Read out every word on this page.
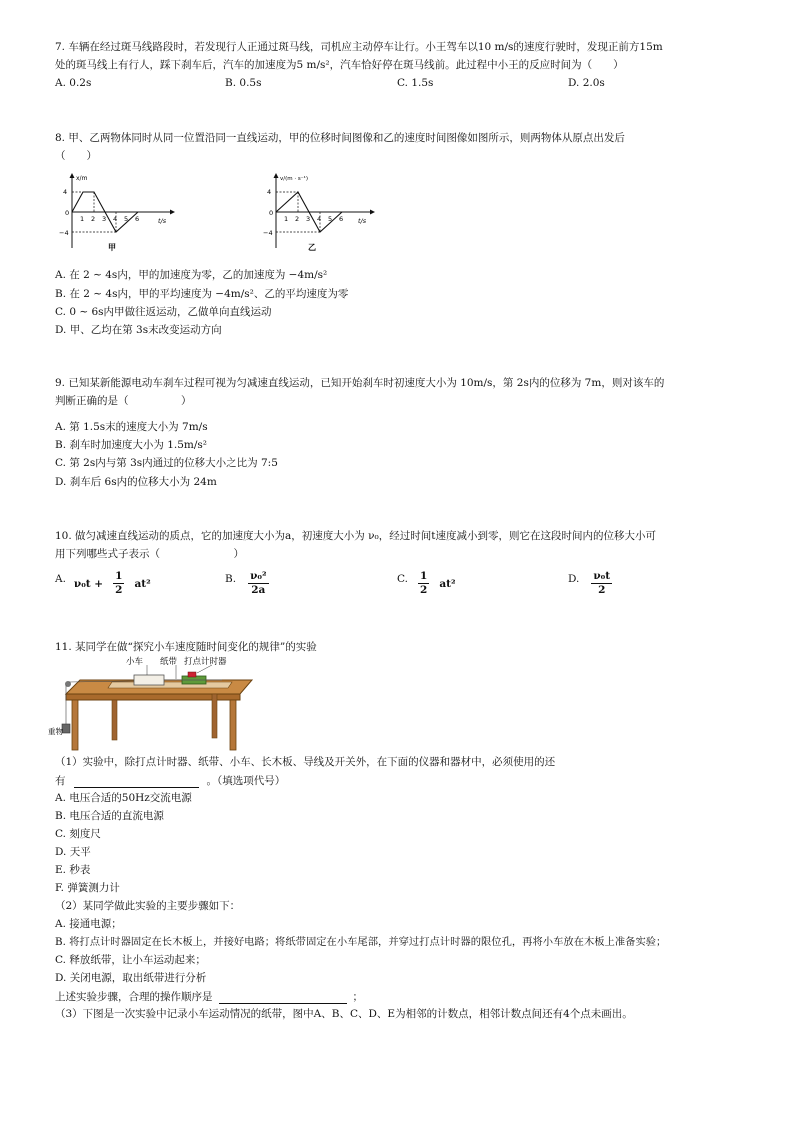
7. 车辆在经过斑马线路段时，若发现行人正通过斑马线，司机应主动停车让行。小王驾车以10 m/s的速度行驶时，发现正前方15m
处的斑马线上有行人，踩下刹车后，汽车的加速度为5 m/s²，汽车恰好停在斑马线前。此过程中小王的反应时间为（　　）
A. 0.2s	B. 0.5s	C. 1.5s	D. 2.0s
8. 甲、乙两物体同时从同一位置沿同一直线运动，甲的位移时间图像和乙的速度时间图像如图所示，则两物体从原点出发后
（　　）
x/m
t/s
4
0
−4
1 2 3 4 5 6
甲
v/(m · s⁻¹)
t/s
4
0
−4
1 2 3 4 5 6
乙
A. 在 2 ∼ 4s内，甲的加速度为零，乙的加速度为 −4m/s²
B. 在 2 ∼ 4s内，甲的平均速度为 −4m/s²、乙的平均速度为零
C. 0 ∼ 6s内甲做往返运动，乙做单向直线运动
D. 甲、乙均在第 3s末改变运动方向
9. 已知某新能源电动车刹车过程可视为匀减速直线运动，已知开始刹车时初速度大小为 10m/s，第 2s内的位移为 7m，则对该车的
判断正确的是（　　　　　）
A. 第 1.5s末的速度大小为 7m/s
B. 刹车时加速度大小为 1.5m/s²
C. 第 2s内与第 3s内通过的位移大小之比为 7:5
D. 刹车后 6s内的位移大小为 24m
10. 做匀减速直线运动的质点，它的加速度大小为a，初速度大小为 ν₀，经过时间t速度减小到零，则它在这段时间内的位移大小可
用下列哪些式子表示（　　　　　　　）
A. $\nu_0t + \frac{1}{2} at^2$	B. $\frac{\text{ν₀²}}{2a}$	C. $\frac{1}{2} at^2$	D. $\frac{\text{ν₀t}}{2}$
11. 某同学在做“探究小车速度随时间变化的规律”的实验
小车 纸带 打点计时器
重物
（1）实验中，除打点计时器、纸带、小车、长木板、导线及开关外，在下面的仪器和器材中，必须使用的还
有
	。（填选项代号）
A. 电压合适的50Hz交流电源
B. 电压合适的直流电源
C. 刻度尺
D. 天平
E. 秒表
F. 弹簧测力计
（2）某同学做此实验的主要步骤如下：
A. 接通电源；
B. 将打点计时器固定在长木板上，并接好电路；将纸带固定在小车尾部，并穿过打点计时器的限位孔，再将小车放在木板上准备实验；
C. 释放纸带，让小车运动起来；
D. 关闭电源，取出纸带进行分析
上述实验步骤，合理的操作顺序是
	；
（3）下图是一次实验中记录小车运动情况的纸带，图中A、B、C、D、E为相邻的计数点，相邻计数点间还有4个点未画出。
